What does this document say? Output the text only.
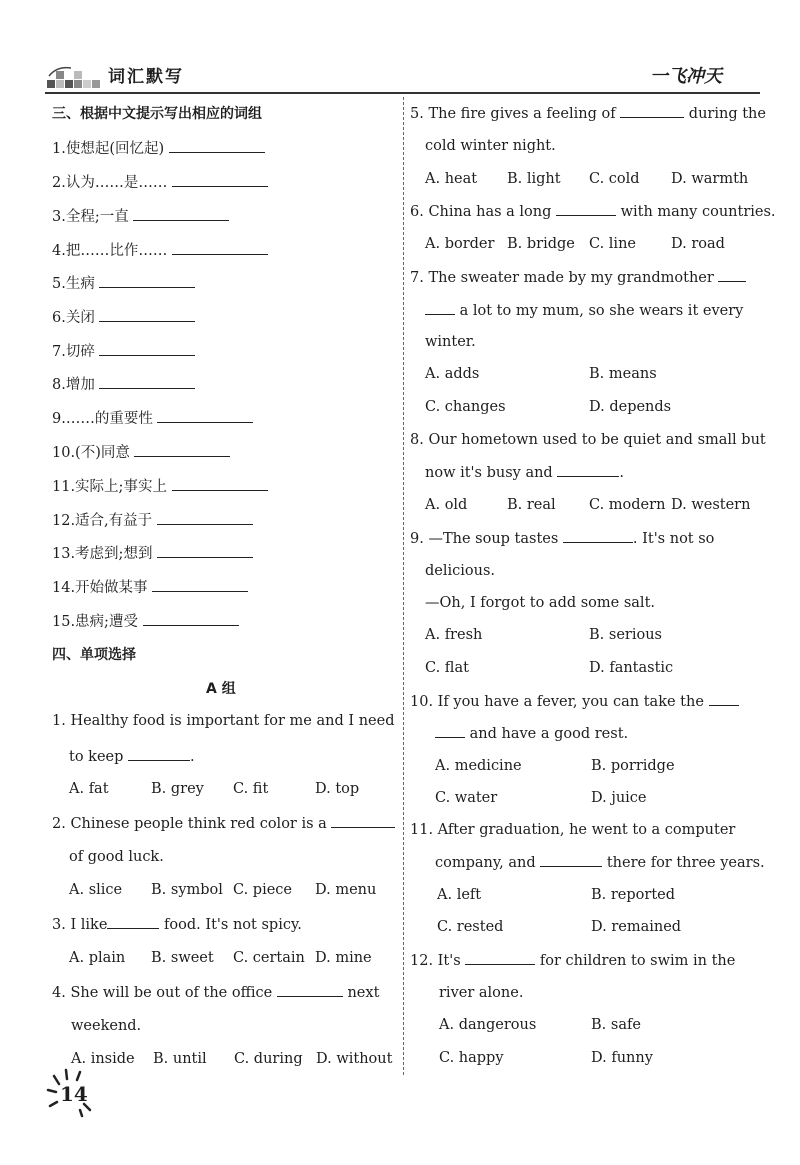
词汇默写	一飞冲天
三、根据中文提示写出相应的词组
1.使想起(回忆起)
2.认为……是……
3.全程;一直
4.把……比作……
5.生病
6.关闭
7.切碎
8.增加
9.……的重要性
10.(不)同意
11.实际上;事实上
12.适合,有益于
13.考虑到;想到
14.开始做某事
15.患病;遭受
四、单项选择
A 组
1. Healthy food is important for me and I need
to keep	.
A. fat	B. grey C. fit	D. top
2. Chinese people think red color is a
of good luck.
A. slice B. symbol C. piece D. menu
3. I like	food. It's not spicy.
A. plain B. sweet C. certain D. mine
4. She will be out of the office	next
weekend.
A. inside B. until C. during D. without
5. The fire gives a feeling of	during the
cold winter night.
A. heat B. light C. cold D. warmth
6. China has a long	with many countries.
A. border B. bridge C. line D. road
7. The sweater made by my grandmother
a lot to my mum, so she wears it every
winter.
A. adds	B. means
C. changes	D. depends
8. Our hometown used to be quiet and small but
now it's busy and	.
A. old	B. real C. modern D. western
9. —The soup tastes	. It's not so
delicious.
—Oh, I forgot to add some salt.
A. fresh	B. serious
C. flat	D. fantastic
10. If you have a fever, you can take the
and have a good rest.
A. medicine	B. porridge
C. water	D. juice
11. After graduation, he went to a computer
company, and	there for three years.
A. left	B. reported
C. rested	D. remained
12. It's	for children to swim in the
river alone.
A. dangerous	B. safe
C. happy	D. funny
14
